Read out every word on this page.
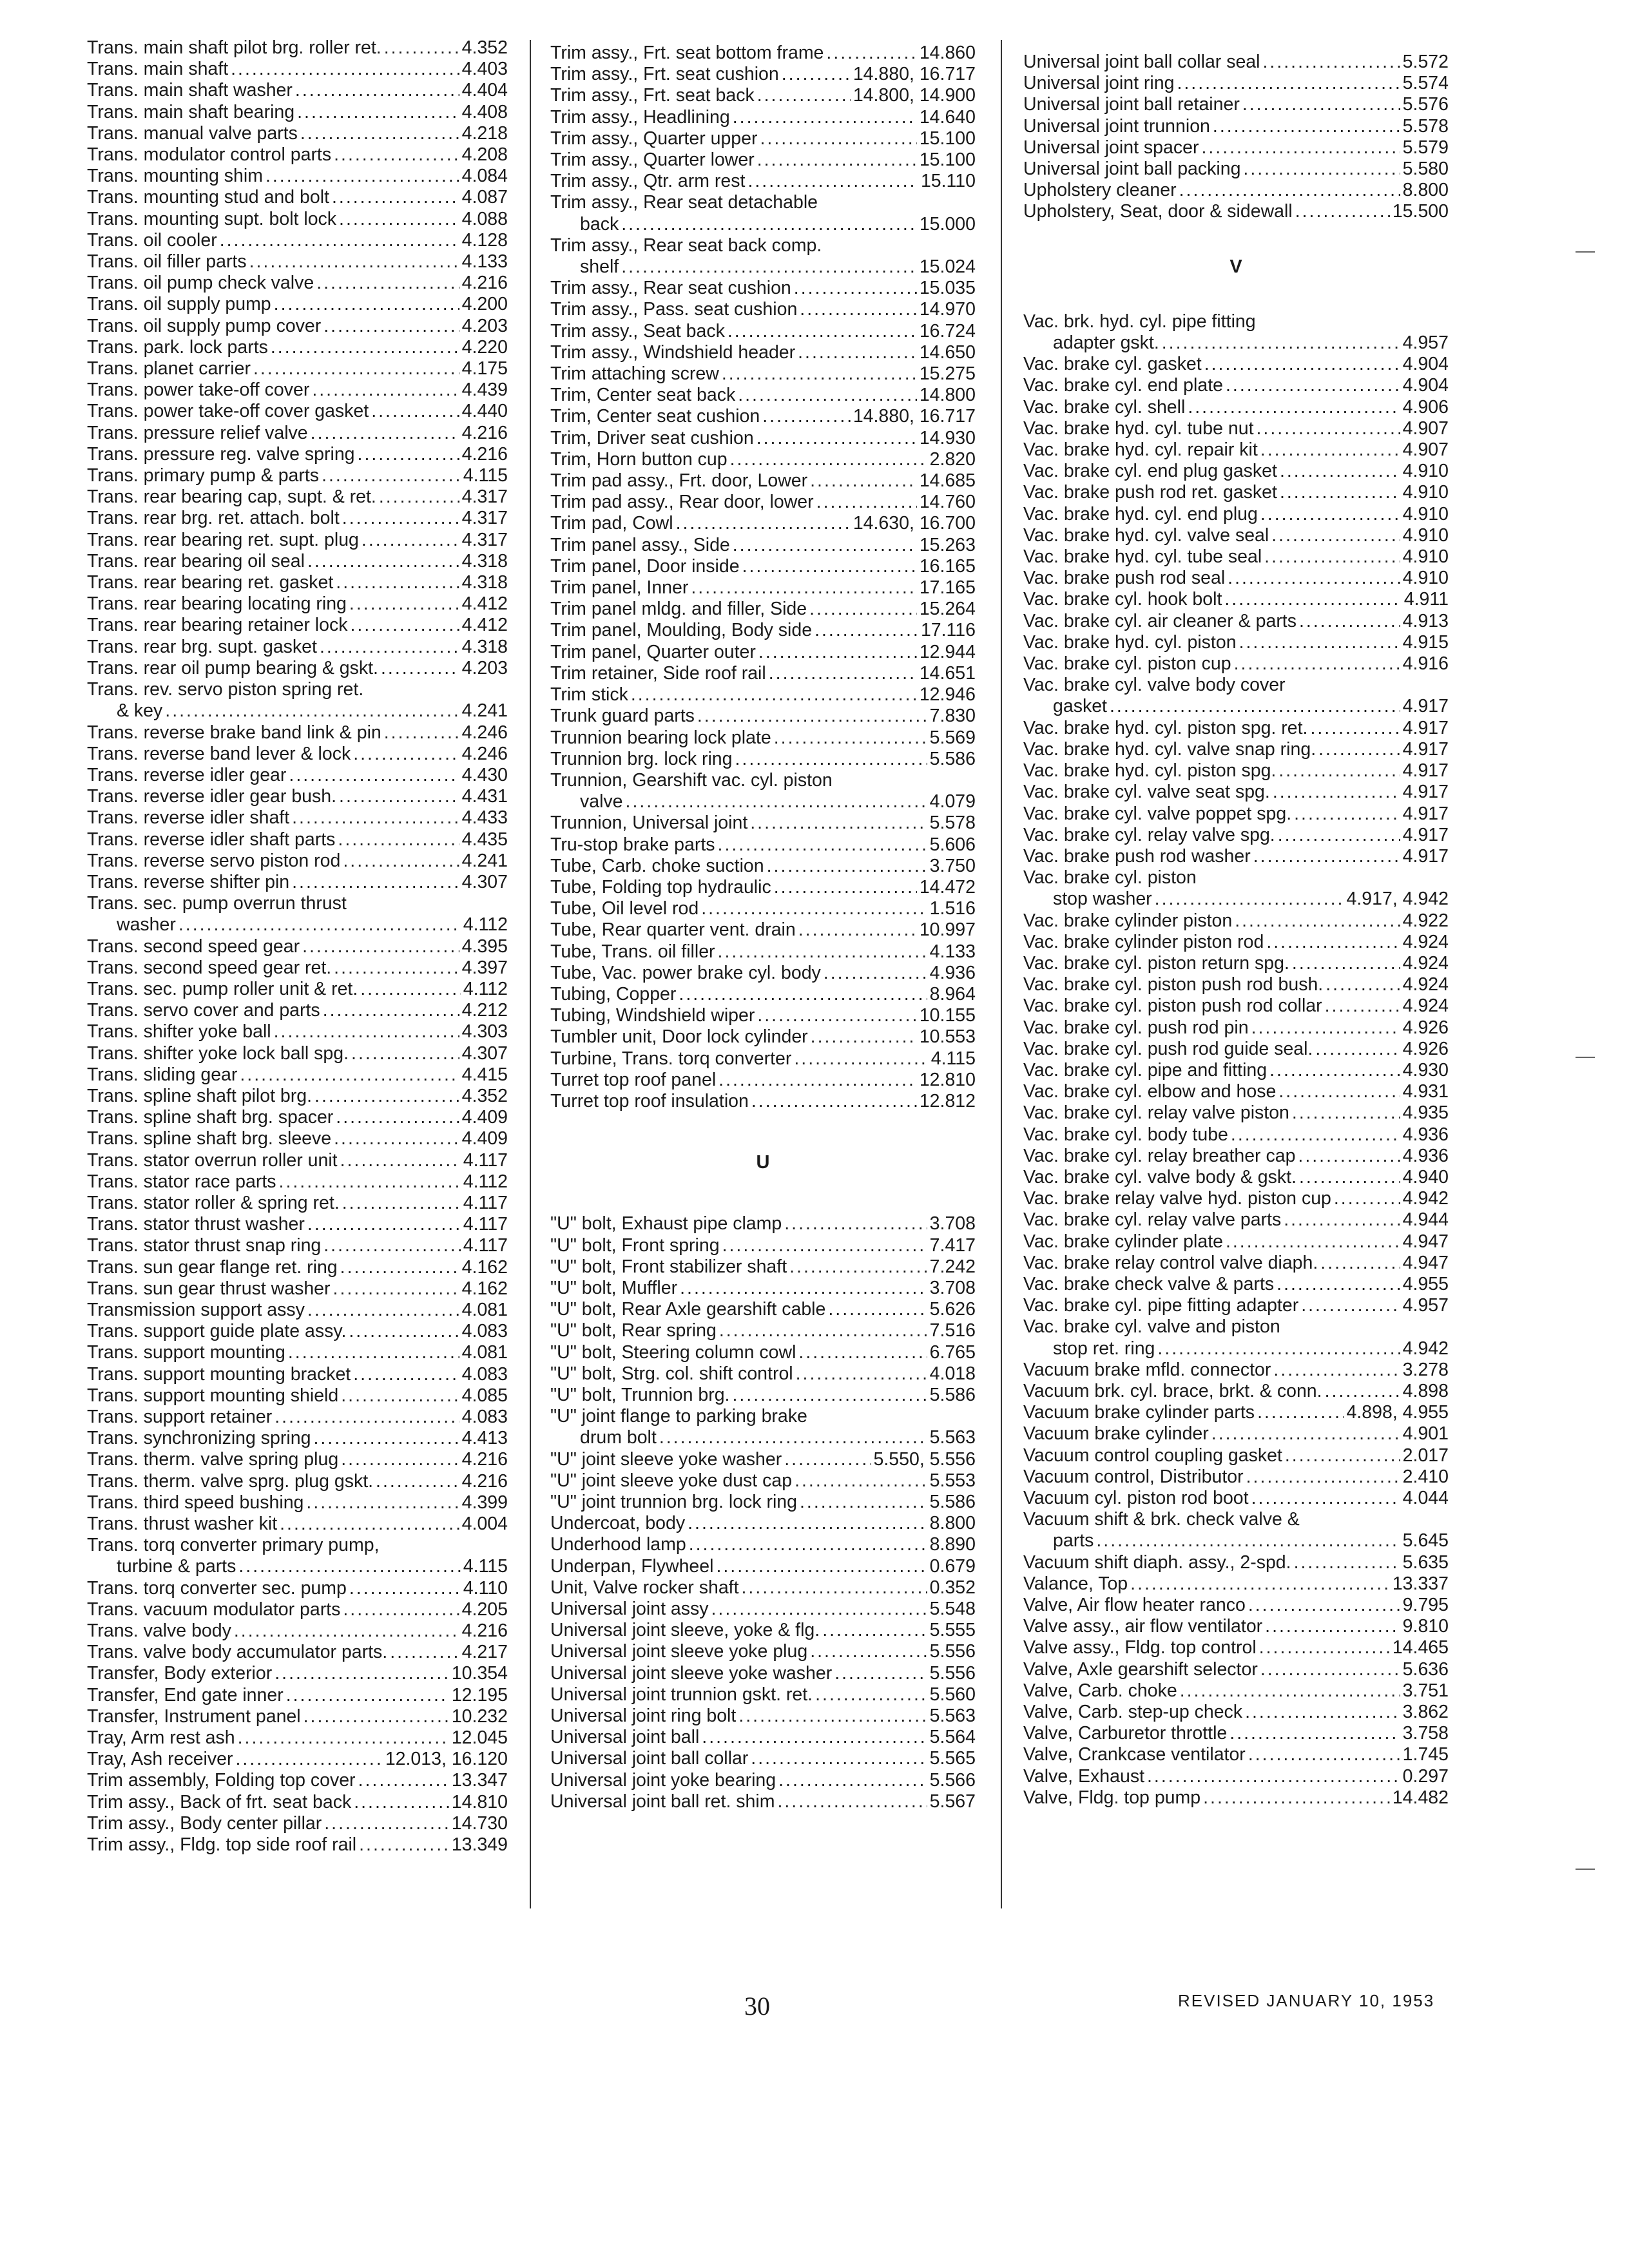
Trans. main shaft pilot brg. roller ret. .....	4.352
Trans. main shaft .....	4.403
Trans. main shaft washer .....	4.404
Trans. main shaft bearing .....	4.408
Trans. manual valve parts .....	4.218
Trans. modulator control parts .....	4.208
Trans. mounting shim .....	4.084
Trans. mounting stud and bolt .....	4.087
Trans. mounting supt. bolt lock .....	4.088
Trans. oil cooler .....	4.128
Trans. oil filler parts .....	4.133
Trans. oil pump check valve .....	4.216
Trans. oil supply pump .....	4.200
Trans. oil supply pump cover .....	4.203
Trans. park. lock parts .....	4.220
Trans. planet carrier .....	4.175
Trans. power take-off cover .....	4.439
Trans. power take-off cover gasket .....	4.440
Trans. pressure relief valve .....	4.216
Trans. pressure reg. valve spring .....	4.216
Trans. primary pump & parts .....	4.115
Trans. rear bearing cap, supt. & ret. .....	4.317
Trans. rear brg. ret. attach. bolt .....	4.317
Trans. rear bearing ret. supt. plug .....	4.317
Trans. rear bearing oil seal .....	4.318
Trans. rear bearing ret. gasket .....	4.318
Trans. rear bearing locating ring .....	4.412
Trans. rear bearing retainer lock .....	4.412
Trans. rear brg. supt. gasket .....	4.318
Trans. rear oil pump bearing & gskt. .....	4.203
Trans. rev. servo piston spring ret.
& key .....	4.241
Trans. reverse brake band link & pin .....	4.246
Trans. reverse band lever & lock .....	4.246
Trans. reverse idler gear .....	4.430
Trans. reverse idler gear bush. .....	4.431
Trans. reverse idler shaft .....	4.433
Trans. reverse idler shaft parts .....	4.435
Trans. reverse servo piston rod .....	4.241
Trans. reverse shifter pin .....	4.307
Trans. sec. pump overrun thrust
washer .....	4.112
Trans. second speed gear .....	4.395
Trans. second speed gear ret. .....	4.397
Trans. sec. pump roller unit & ret. .....	4.112
Trans. servo cover and parts .....	4.212
Trans. shifter yoke ball .....	4.303
Trans. shifter yoke lock ball spg. .....	4.307
Trans. sliding gear .....	4.415
Trans. spline shaft pilot brg. .....	4.352
Trans. spline shaft brg. spacer .....	4.409
Trans. spline shaft brg. sleeve .....	4.409
Trans. stator overrun roller unit .....	4.117
Trans. stator race parts .....	4.112
Trans. stator roller & spring ret. .....	4.117
Trans. stator thrust washer .....	4.117
Trans. stator thrust snap ring .....	4.117
Trans. sun gear flange ret. ring .....	4.162
Trans. sun gear thrust washer .....	4.162
Transmission support assy .....	4.081
Trans. support guide plate assy. .....	4.083
Trans. support mounting .....	4.081
Trans. support mounting bracket .....	4.083
Trans. support mounting shield .....	4.085
Trans. support retainer .....	4.083
Trans. synchronizing spring .....	4.413
Trans. therm. valve spring plug .....	4.216
Trans. therm. valve sprg. plug gskt. .....	4.216
Trans. third speed bushing .....	4.399
Trans. thrust washer kit .....	4.004
Trans. torq converter primary pump,
turbine & parts .....	4.115
Trans. torq converter sec. pump .....	4.110
Trans. vacuum modulator parts .....	4.205
Trans. valve body .....	4.216
Trans. valve body accumulator parts. .....	4.217
Transfer, Body exterior .....	10.354
Transfer, End gate inner .....	12.195
Transfer, Instrument panel .....	10.232
Tray, Arm rest ash .....	12.045
Tray, Ash receiver .....	12.013, 16.120
Trim assembly, Folding top cover .....	13.347
Trim assy., Back of frt. seat back .....	14.810
Trim assy., Body center pillar .....	14.730
Trim assy., Fldg. top side roof rail .....	13.349
Trim assy., Frt. seat bottom frame .....	14.860
Trim assy., Frt. seat cushion .....	14.880, 16.717
Trim assy., Frt. seat back .....	14.800, 14.900
Trim assy., Headlining .....	14.640
Trim assy., Quarter upper .....	15.100
Trim assy., Quarter lower .....	15.100
Trim assy., Qtr. arm rest .....	15.110
Trim assy., Rear seat detachable
back .....	15.000
Trim assy., Rear seat back comp.
shelf .....	15.024
Trim assy., Rear seat cushion .....	15.035
Trim assy., Pass. seat cushion .....	14.970
Trim assy., Seat back .....	16.724
Trim assy., Windshield header .....	14.650
Trim attaching screw .....	15.275
Trim, Center seat back .....	14.800
Trim, Center seat cushion .....	14.880, 16.717
Trim, Driver seat cushion .....	14.930
Trim, Horn button cup .....	2.820
Trim pad assy., Frt. door, Lower .....	14.685
Trim pad assy., Rear door, lower .....	14.760
Trim pad, Cowl .....	14.630, 16.700
Trim panel assy., Side .....	15.263
Trim panel, Door inside .....	16.165
Trim panel, Inner .....	17.165
Trim panel mldg. and filler, Side .....	15.264
Trim panel, Moulding, Body side .....	17.116
Trim panel, Quarter outer .....	12.944
Trim retainer, Side roof rail .....	14.651
Trim stick .....	12.946
Trunk guard parts .....	7.830
Trunnion bearing lock plate .....	5.569
Trunnion brg. lock ring .....	5.586
Trunnion, Gearshift vac. cyl. piston
valve .....	4.079
Trunnion, Universal joint .....	5.578
Tru-stop brake parts .....	5.606
Tube, Carb. choke suction .....	3.750
Tube, Folding top hydraulic .....	14.472
Tube, Oil level rod .....	1.516
Tube, Rear quarter vent. drain .....	10.997
Tube, Trans. oil filler .....	4.133
Tube, Vac. power brake cyl. body .....	4.936
Tubing, Copper .....	8.964
Tubing, Windshield wiper .....	10.155
Tumbler unit, Door lock cylinder .....	10.553
Turbine, Trans. torq converter .....	4.115
Turret top roof panel .....	12.810
Turret top roof insulation .....	12.812
U
"U" bolt, Exhaust pipe clamp .....	3.708
"U" bolt, Front spring .....	7.417
"U" bolt, Front stabilizer shaft .....	7.242
"U" bolt, Muffler .....	3.708
"U" bolt, Rear Axle gearshift cable .....	5.626
"U" bolt, Rear spring .....	7.516
"U" bolt, Steering column cowl .....	6.765
"U" bolt, Strg. col. shift control .....	4.018
"U" bolt, Trunnion brg. .....	5.586
"U" joint flange to parking brake
drum bolt .....	5.563
"U" joint sleeve yoke washer .....	5.550, 5.556
"U" joint sleeve yoke dust cap .....	5.553
"U" joint trunnion brg. lock ring .....	5.586
Undercoat, body .....	8.800
Underhood lamp .....	8.890
Underpan, Flywheel .....	0.679
Unit, Valve rocker shaft .....	0.352
Universal joint assy .....	5.548
Universal joint sleeve, yoke & flg. .....	5.555
Universal joint sleeve yoke plug .....	5.556
Universal joint sleeve yoke washer .....	5.556
Universal joint trunnion gskt. ret. .....	5.560
Universal joint ring bolt .....	5.563
Universal joint ball .....	5.564
Universal joint ball collar .....	5.565
Universal joint yoke bearing .....	5.566
Universal joint ball ret. shim .....	5.567
Universal joint ball collar seal .....	5.572
Universal joint ring .....	5.574
Universal joint ball retainer .....	5.576
Universal joint trunnion .....	5.578
Universal joint spacer .....	5.579
Universal joint ball packing .....	5.580
Upholstery cleaner .....	8.800
Upholstery, Seat, door & sidewall .....	15.500
V
Vac. brk. hyd. cyl. pipe fitting
adapter gskt. .....	4.957
Vac. brake cyl. gasket .....	4.904
Vac. brake cyl. end plate .....	4.904
Vac. brake cyl. shell .....	4.906
Vac. brake hyd. cyl. tube nut .....	4.907
Vac. brake hyd. cyl. repair kit .....	4.907
Vac. brake cyl. end plug gasket .....	4.910
Vac. brake push rod ret. gasket .....	4.910
Vac. brake hyd. cyl. end plug .....	4.910
Vac. brake hyd. cyl. valve seal .....	4.910
Vac. brake hyd. cyl. tube seal .....	4.910
Vac. brake push rod seal .....	4.910
Vac. brake cyl. hook bolt .....	4.911
Vac. brake cyl. air cleaner & parts .....	4.913
Vac. brake hyd. cyl. piston .....	4.915
Vac. brake cyl. piston cup .....	4.916
Vac. brake cyl. valve body cover
gasket .....	4.917
Vac. brake hyd. cyl. piston spg. ret. .....	4.917
Vac. brake hyd. cyl. valve snap ring. .....	4.917
Vac. brake hyd. cyl. piston spg. .....	4.917
Vac. brake cyl. valve seat spg. .....	4.917
Vac. brake cyl. valve poppet spg. .....	4.917
Vac. brake cyl. relay valve spg. .....	4.917
Vac. brake push rod washer .....	4.917
Vac. brake cyl. piston
stop washer .....	4.917, 4.942
Vac. brake cylinder piston .....	4.922
Vac. brake cylinder piston rod .....	4.924
Vac. brake cyl. piston return spg. .....	4.924
Vac. brake cyl. piston push rod bush. .....	4.924
Vac. brake cyl. piston push rod collar .....	4.924
Vac. brake cyl. push rod pin .....	4.926
Vac. brake cyl. push rod guide seal. .....	4.926
Vac. brake cyl. pipe and fitting .....	4.930
Vac. brake cyl. elbow and hose .....	4.931
Vac. brake cyl. relay valve piston .....	4.935
Vac. brake cyl. body tube .....	4.936
Vac. brake cyl. relay breather cap .....	4.936
Vac. brake cyl. valve body & gskt. .....	4.940
Vac. brake relay valve hyd. piston cup .....	4.942
Vac. brake cyl. relay valve parts .....	4.944
Vac. brake cylinder plate .....	4.947
Vac. brake relay control valve diaph. .....	4.947
Vac. brake check valve & parts .....	4.955
Vac. brake cyl. pipe fitting adapter .....	4.957
Vac. brake cyl. valve and piston
stop ret. ring .....	4.942
Vacuum brake mfld. connector .....	3.278
Vacuum brk. cyl. brace, brkt. & conn. .....	4.898
Vacuum brake cylinder parts .....	4.898, 4.955
Vacuum brake cylinder .....	4.901
Vacuum control coupling gasket .....	2.017
Vacuum control, Distributor .....	2.410
Vacuum cyl. piston rod boot .....	4.044
Vacuum shift & brk. check valve &
parts .....	5.645
Vacuum shift diaph. assy., 2-spd. .....	5.635
Valance, Top .....	13.337
Valve, Air flow heater ranco .....	9.795
Valve assy., air flow ventilator .....	9.810
Valve assy., Fldg. top control .....	14.465
Valve, Axle gearshift selector .....	5.636
Valve, Carb. choke .....	3.751
Valve, Carb. step-up check .....	3.862
Valve, Carburetor throttle .....	3.758
Valve, Crankcase ventilator .....	1.745
Valve, Exhaust .....	0.297
Valve, Fldg. top pump .....	14.482
30	REVISED JANUARY 10, 1953
